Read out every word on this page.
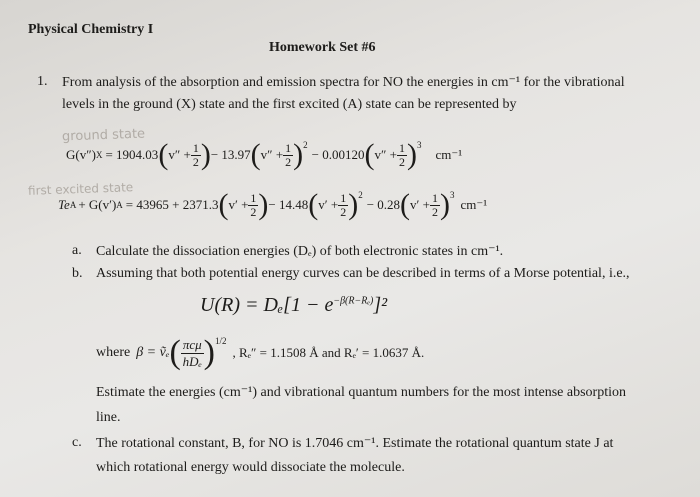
Physical Chemistry I
Homework Set #6
1. From analysis of the absorption and emission spectra for NO the energies in cm⁻¹ for the vibrational
levels in the ground (X) state and the first excited (A) state can be represented by
ground state
G(v″) X = 1904.03 ( $v'' + \frac{1}{2}$ ) − 13.97 ( $v'' + \frac{1}{2} )^2$
− 0.00120 ( $v'' + \frac{1}{2} )^3$
cm⁻¹
first excited state
Te A + G(v′) A = 43965 + 2371.3 ( $v' + \frac{1}{2}$ ) − 14.48 ( $v' + \frac{1}{2} )^2$
− 0.28 ( $v' + \frac{1}{2} )^3$
cm⁻¹
a. Calculate the dissociation energies (Dₑ) of both electronic states in cm⁻¹.
b. Assuming that both potential energy curves can be described in terms of a Morse potential, i.e.,
$U(R) = D_e[1 - e^{-\beta(R-R_e)}]^2$
where β = ṽₑ ( $\frac{\text{πcμ}}{\text{hDₑ}} )^{1/2}$
, Rₑ″ = 1.1508 Å and Rₑ′ = 1.0637 Å.
Estimate the energies (cm⁻¹) and vibrational quantum numbers for the most intense absorption
line.
c. The rotational constant, B, for NO is 1.7046 cm⁻¹. Estimate the rotational quantum state J at
which rotational energy would dissociate the molecule.
